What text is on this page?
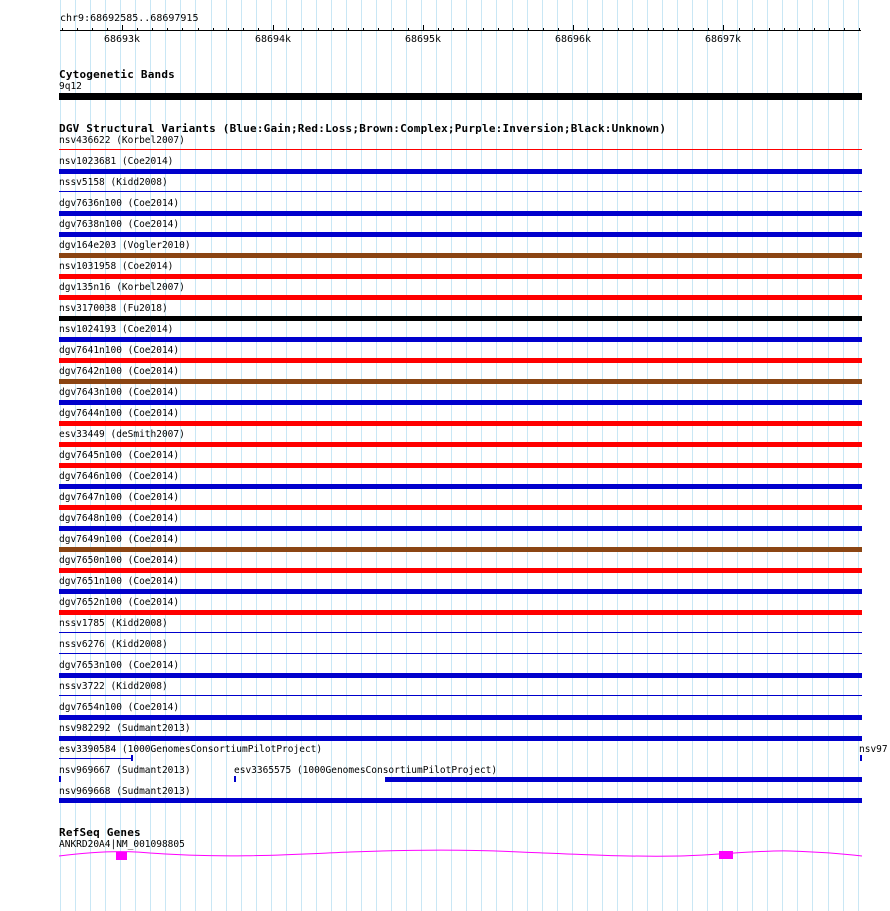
chr9:68692585..68697915
68693k	68694k	68695k	68696k	68697k
Cytogenetic Bands
9q12
DGV Structural Variants (Blue:Gain;Red:Loss;Brown:Complex;Purple:Inversion;Black:Unknown)
nsv436622 (Korbel2007)
nsv1023681 (Coe2014)
nssv5158 (Kidd2008)
dgv7636n100 (Coe2014)
dgv7638n100 (Coe2014)
dgv164e203 (Vogler2010)
nsv1031958 (Coe2014)
dgv135n16 (Korbel2007)
nsv3170038 (Fu2018)
nsv1024193 (Coe2014)
dgv7641n100 (Coe2014)
dgv7642n100 (Coe2014)
dgv7643n100 (Coe2014)
dgv7644n100 (Coe2014)
esv33449 (deSmith2007)
dgv7645n100 (Coe2014)
dgv7646n100 (Coe2014)
dgv7647n100 (Coe2014)
dgv7648n100 (Coe2014)
dgv7649n100 (Coe2014)
dgv7650n100 (Coe2014)
dgv7651n100 (Coe2014)
dgv7652n100 (Coe2014)
nssv1785 (Kidd2008)
nssv6276 (Kidd2008)
dgv7653n100 (Coe2014)
nssv3722 (Kidd2008)
dgv7654n100 (Coe2014)
nsv982292 (Sudmant2013)
esv3390584 (1000GenomesConsortiumPilotProject)	nsv97
nsv969667 (Sudmant2013)	esv3365575 (1000GenomesConsortiumPilotProject)
nsv969668 (Sudmant2013)
RefSeq Genes
ANKRD20A4|NM_001098805
